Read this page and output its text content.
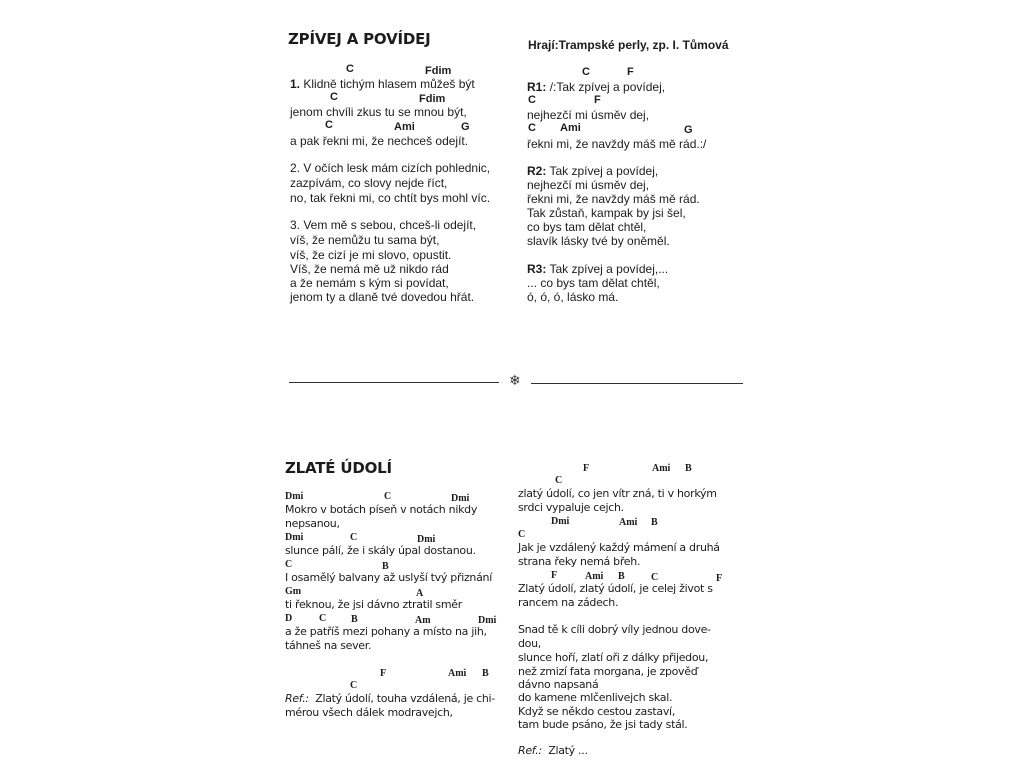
ZPÍVEJ A POVÍDEJ	Hrají:Trampské perly, zp. I. Tůmová
C	Fdim
1. Klidně tichým hlasem můžeš být
C	Fdim
jenom chvíli zkus tu se mnou být,
C	Ami	G
a pak řekni mi, že nechceš odejít.
2. V očích lesk mám cizích pohlednic,
zazpívám, co slovy nejde říct,
no, tak řekni mi, co chtít bys mohl víc.
3. Vem mě s sebou, chceš-li odejít,
víš, že nemůžu tu sama být,
víš, že cizí je mi slovo, opustit.
Víš, že nemá mě už nikdo rád
a že nemám s kým si povídat,
jenom ty a dlaně tvé dovedou hřát.
C	F
R1: /:Tak zpívej a povídej,
C	F
nejhezčí mi úsměv dej,
C Ami	G
řekni mi, že navždy máš mě rád.:/
R2: Tak zpívej a povídej,
nejhezčí mi úsměv dej,
řekni mi, že navždy máš mě rád.
Tak zůstaň, kampak by jsi šel,
co bys tam dělat chtěl,
slavík lásky tvé by oněměl.
R3: Tak zpívej a povídej,...
... co bys tam dělat chtěl,
ó, ó, ó, lásko má.
❄
ZLATÉ ÚDOLÍ
Dmi	C	Dmi
Mokro v botách píseň v notách nikdy
nepsanou,
Dmi	C	Dmi
slunce pálí, že i skály úpal dostanou.
C	B
I osamělý balvany až uslyší tvý přiznání
Gm	A
ti řeknou, že jsi dávno ztratil směr
D	C B	Am	Dmi
a že patříš mezi pohany a místo na jih,
táhneš na sever.
F	Ami B
C
Ref.: Zlatý údolí, touha vzdálená, je chi-
mérou všech dálek modravejch,
F	Ami B
C
zlatý údolí, co jen vítr zná, ti v horkým
srdci vypaluje cejch.
Dmi	Ami B
C
Jak je vzdálený každý mámení a druhá
strana řeky nemá břeh.
F	Ami B	C	F
Zlatý údolí, zlatý údolí, je celej život s
rancem na zádech.
Snad tě k cíli dobrý víly jednou dove-
dou,
slunce hoří, zlatí oři z dálky přijedou,
než zmizí fata morgana, je zpověď
dávno napsaná
do kamene mlčenlivejch skal.
Když se někdo cestou zastaví,
tam bude psáno, že jsi tady stál.
Ref.: Zlatý ...
